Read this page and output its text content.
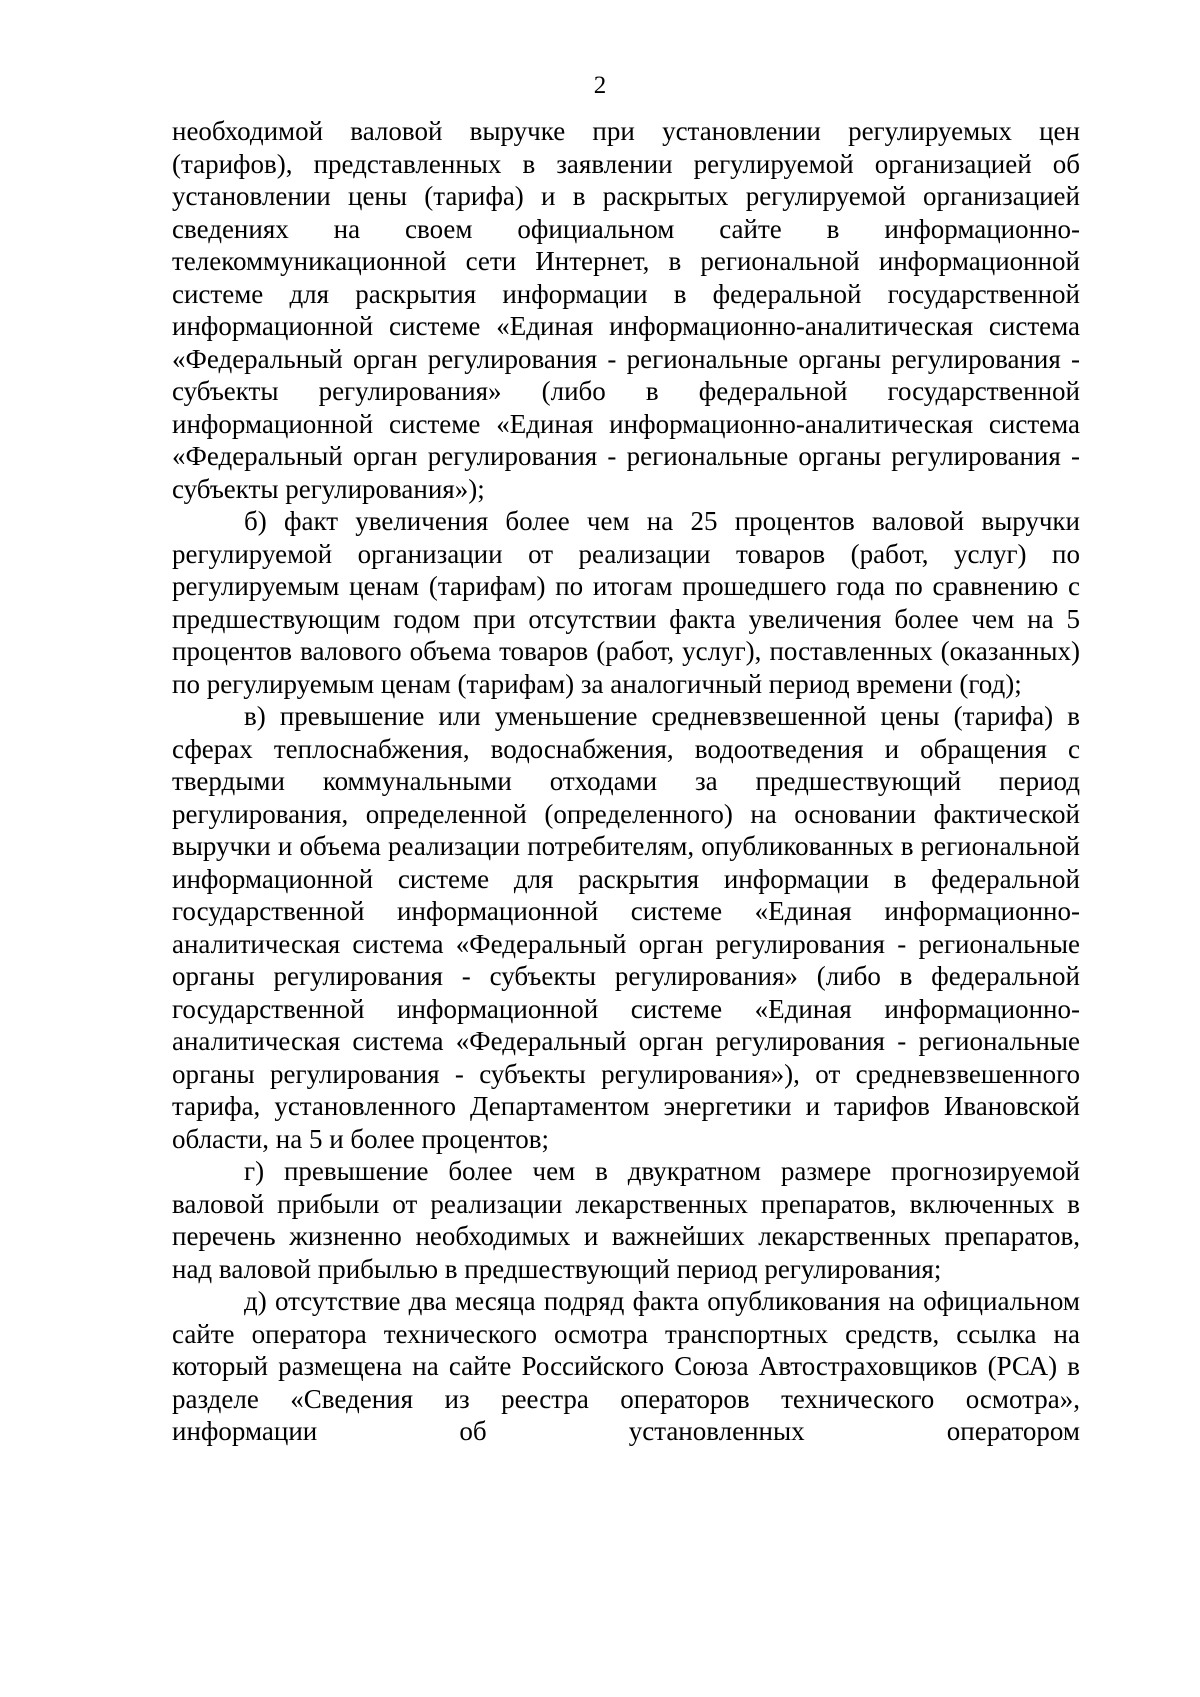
2

необходимой валовой выручке при установлении регулируемых цен (тарифов), представленных в заявлении регулируемой организацией об установлении цены (тарифа) и в раскрытых регулируемой организацией сведениях на своем официальном сайте в информационно-телекоммуникационной сети Интернет, в региональной информационной системе для раскрытия информации в федеральной государственной информационной системе «Единая информационно-аналитическая система «Федеральный орган регулирования - региональные органы регулирования - субъекты регулирования» (либо в федеральной государственной информационной системе «Единая информационно-аналитическая система «Федеральный орган регулирования - региональные органы регулирования - субъекты регулирования»);

б) факт увеличения более чем на 25 процентов валовой выручки регулируемой организации от реализации товаров (работ, услуг) по регулируемым ценам (тарифам) по итогам прошедшего года по сравнению с предшествующим годом при отсутствии факта увеличения более чем на 5 процентов валового объема товаров (работ, услуг), поставленных (оказанных) по регулируемым ценам (тарифам) за аналогичный период времени (год);

в) превышение или уменьшение средневзвешенной цены (тарифа) в сферах теплоснабжения, водоснабжения, водоотведения и обращения с твердыми коммунальными отходами за предшествующий период регулирования, определенной (определенного) на основании фактической выручки и объема реализации потребителям, опубликованных в региональной информационной системе для раскрытия информации в федеральной государственной информационной системе «Единая информационно-аналитическая система «Федеральный орган регулирования - региональные органы регулирования - субъекты регулирования» (либо в федеральной государственной информационной системе «Единая информационно-аналитическая система «Федеральный орган регулирования - региональные органы регулирования - субъекты регулирования»), от средневзвешенного тарифа, установленного Департаментом энергетики и тарифов Ивановской области, на 5 и более процентов;

г) превышение более чем в двукратном размере прогнозируемой валовой прибыли от реализации лекарственных препаратов, включенных в перечень жизненно необходимых и важнейших лекарственных препаратов, над валовой прибылью в предшествующий период регулирования;

д) отсутствие два месяца подряд факта опубликования на официальном сайте оператора технического осмотра транспортных средств, ссылка на который размещена на сайте Российского Союза Автостраховщиков (РСА) в разделе «Сведения из реестра операторов технического осмотра», информации об установленных оператором
